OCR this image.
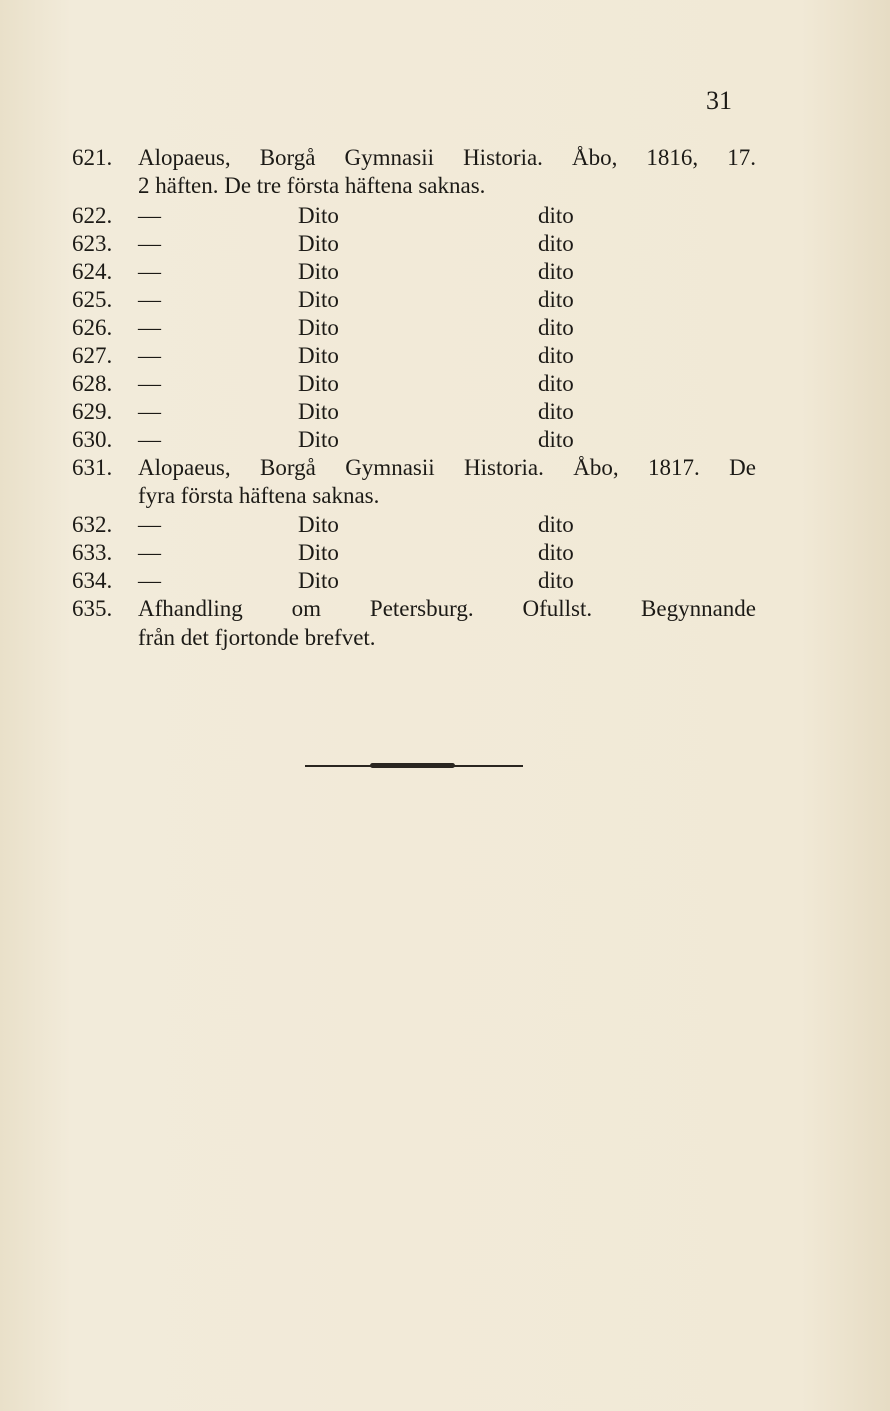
31
621.	Alopaeus, Borgå Gymnasii Historia. Åbo, 1816, 17.
2 häften. De tre första häftena saknas.
622.	—	Dito	dito
623.	—	Dito	dito
624.	—	Dito	dito
625.	—	Dito	dito
626.	—	Dito	dito
627.	—	Dito	dito
628.	—	Dito	dito
629.	—	Dito	dito
630.	—	Dito	dito
631.	Alopaeus, Borgå Gymnasii Historia. Åbo, 1817. De
fyra första häftena saknas.
632.	—	Dito	dito
633.	—	Dito	dito
634.	—	Dito	dito
635.	Afhandling om Petersburg. Ofullst. Begynnande
från det fjortonde brefvet.
